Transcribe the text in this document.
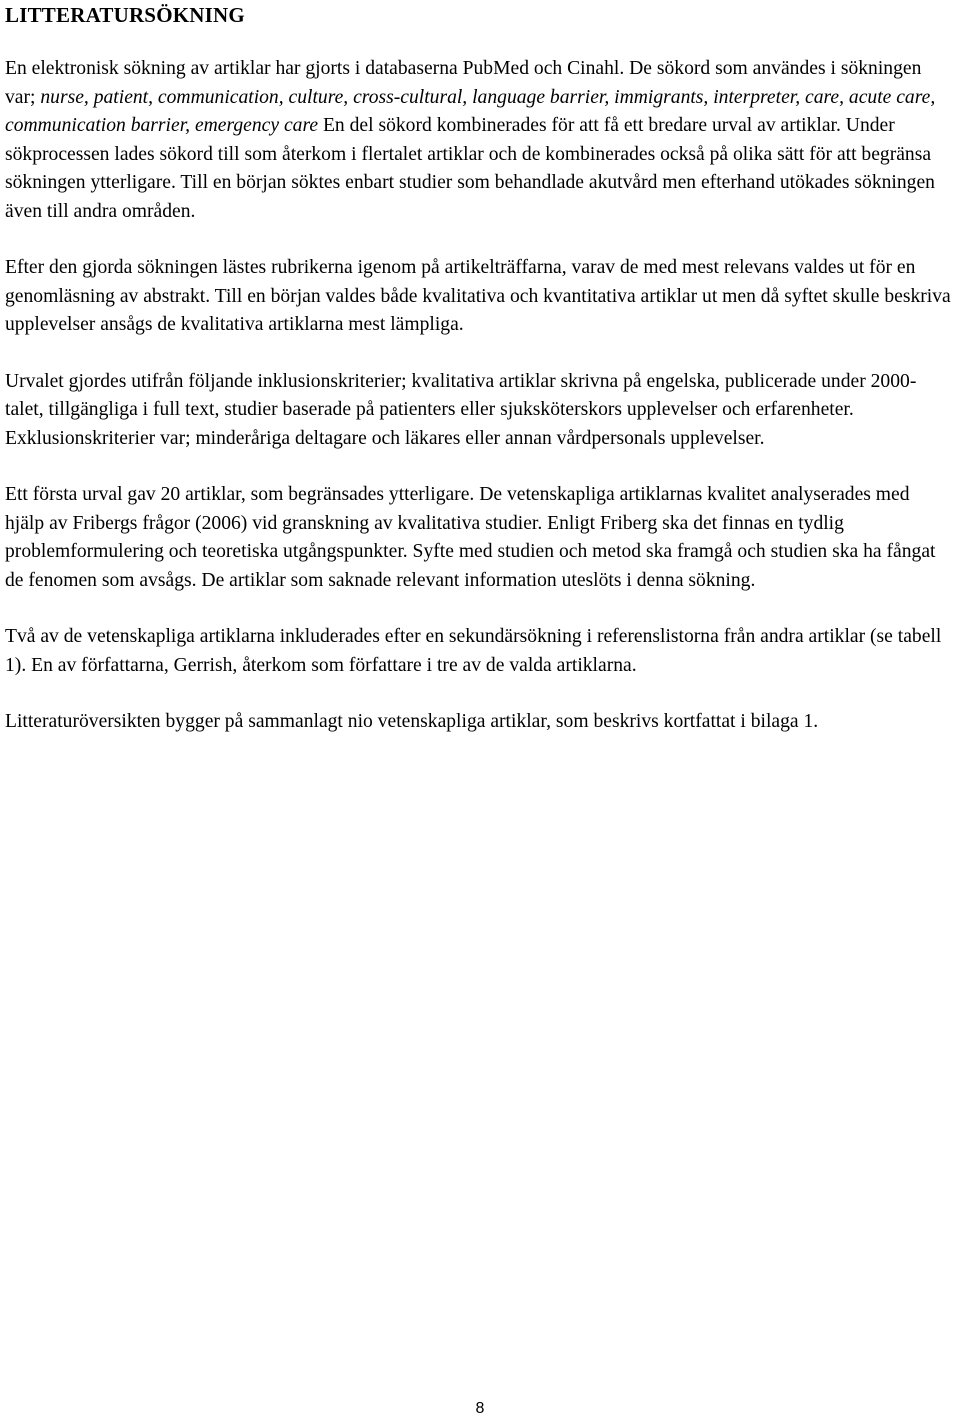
LITTERATURSÖKNING

En elektronisk sökning av artiklar har gjorts i databaserna PubMed och Cinahl. De sökord som användes i sökningen var; nurse, patient, communication, culture, cross-cultural, language barrier, immigrants, interpreter, care, acute care, communication barrier, emergency care En del sökord kombinerades för att få ett bredare urval av artiklar. Under sökprocessen lades sökord till som återkom i flertalet artiklar och de kombinerades också på olika sätt för att begränsa sökningen ytterligare. Till en början söktes enbart studier som behandlade akutvård men efterhand utökades sökningen även till andra områden.

Efter den gjorda sökningen lästes rubrikerna igenom på artikelträffarna, varav de med mest relevans valdes ut för en genomläsning av abstrakt. Till en början valdes både kvalitativa och kvantitativa artiklar ut men då syftet skulle beskriva upplevelser ansågs de kvalitativa artiklarna mest lämpliga.

Urvalet gjordes utifrån följande inklusionskriterier; kvalitativa artiklar skrivna på engelska, publicerade under 2000-talet, tillgängliga i full text, studier baserade på patienters eller sjuksköterskors upplevelser och erfarenheter. Exklusionskriterier var; minderåriga deltagare och läkares eller annan vårdpersonals upplevelser.

Ett första urval gav 20 artiklar, som begränsades ytterligare. De vetenskapliga artiklarnas kvalitet analyserades med hjälp av Fribergs frågor (2006) vid granskning av kvalitativa studier. Enligt Friberg ska det finnas en tydlig problemformulering och teoretiska utgångspunkter. Syfte med studien och metod ska framgå och studien ska ha fångat de fenomen som avsågs. De artiklar som saknade relevant information uteslöts i denna sökning.

Två av de vetenskapliga artiklarna inkluderades efter en sekundärsökning i referenslistorna från andra artiklar (se tabell 1). En av författarna, Gerrish, återkom som författare i tre av de valda artiklarna.

Litteraturöversikten bygger på sammanlagt nio vetenskapliga artiklar, som beskrivs kortfattat i bilaga 1.

8
